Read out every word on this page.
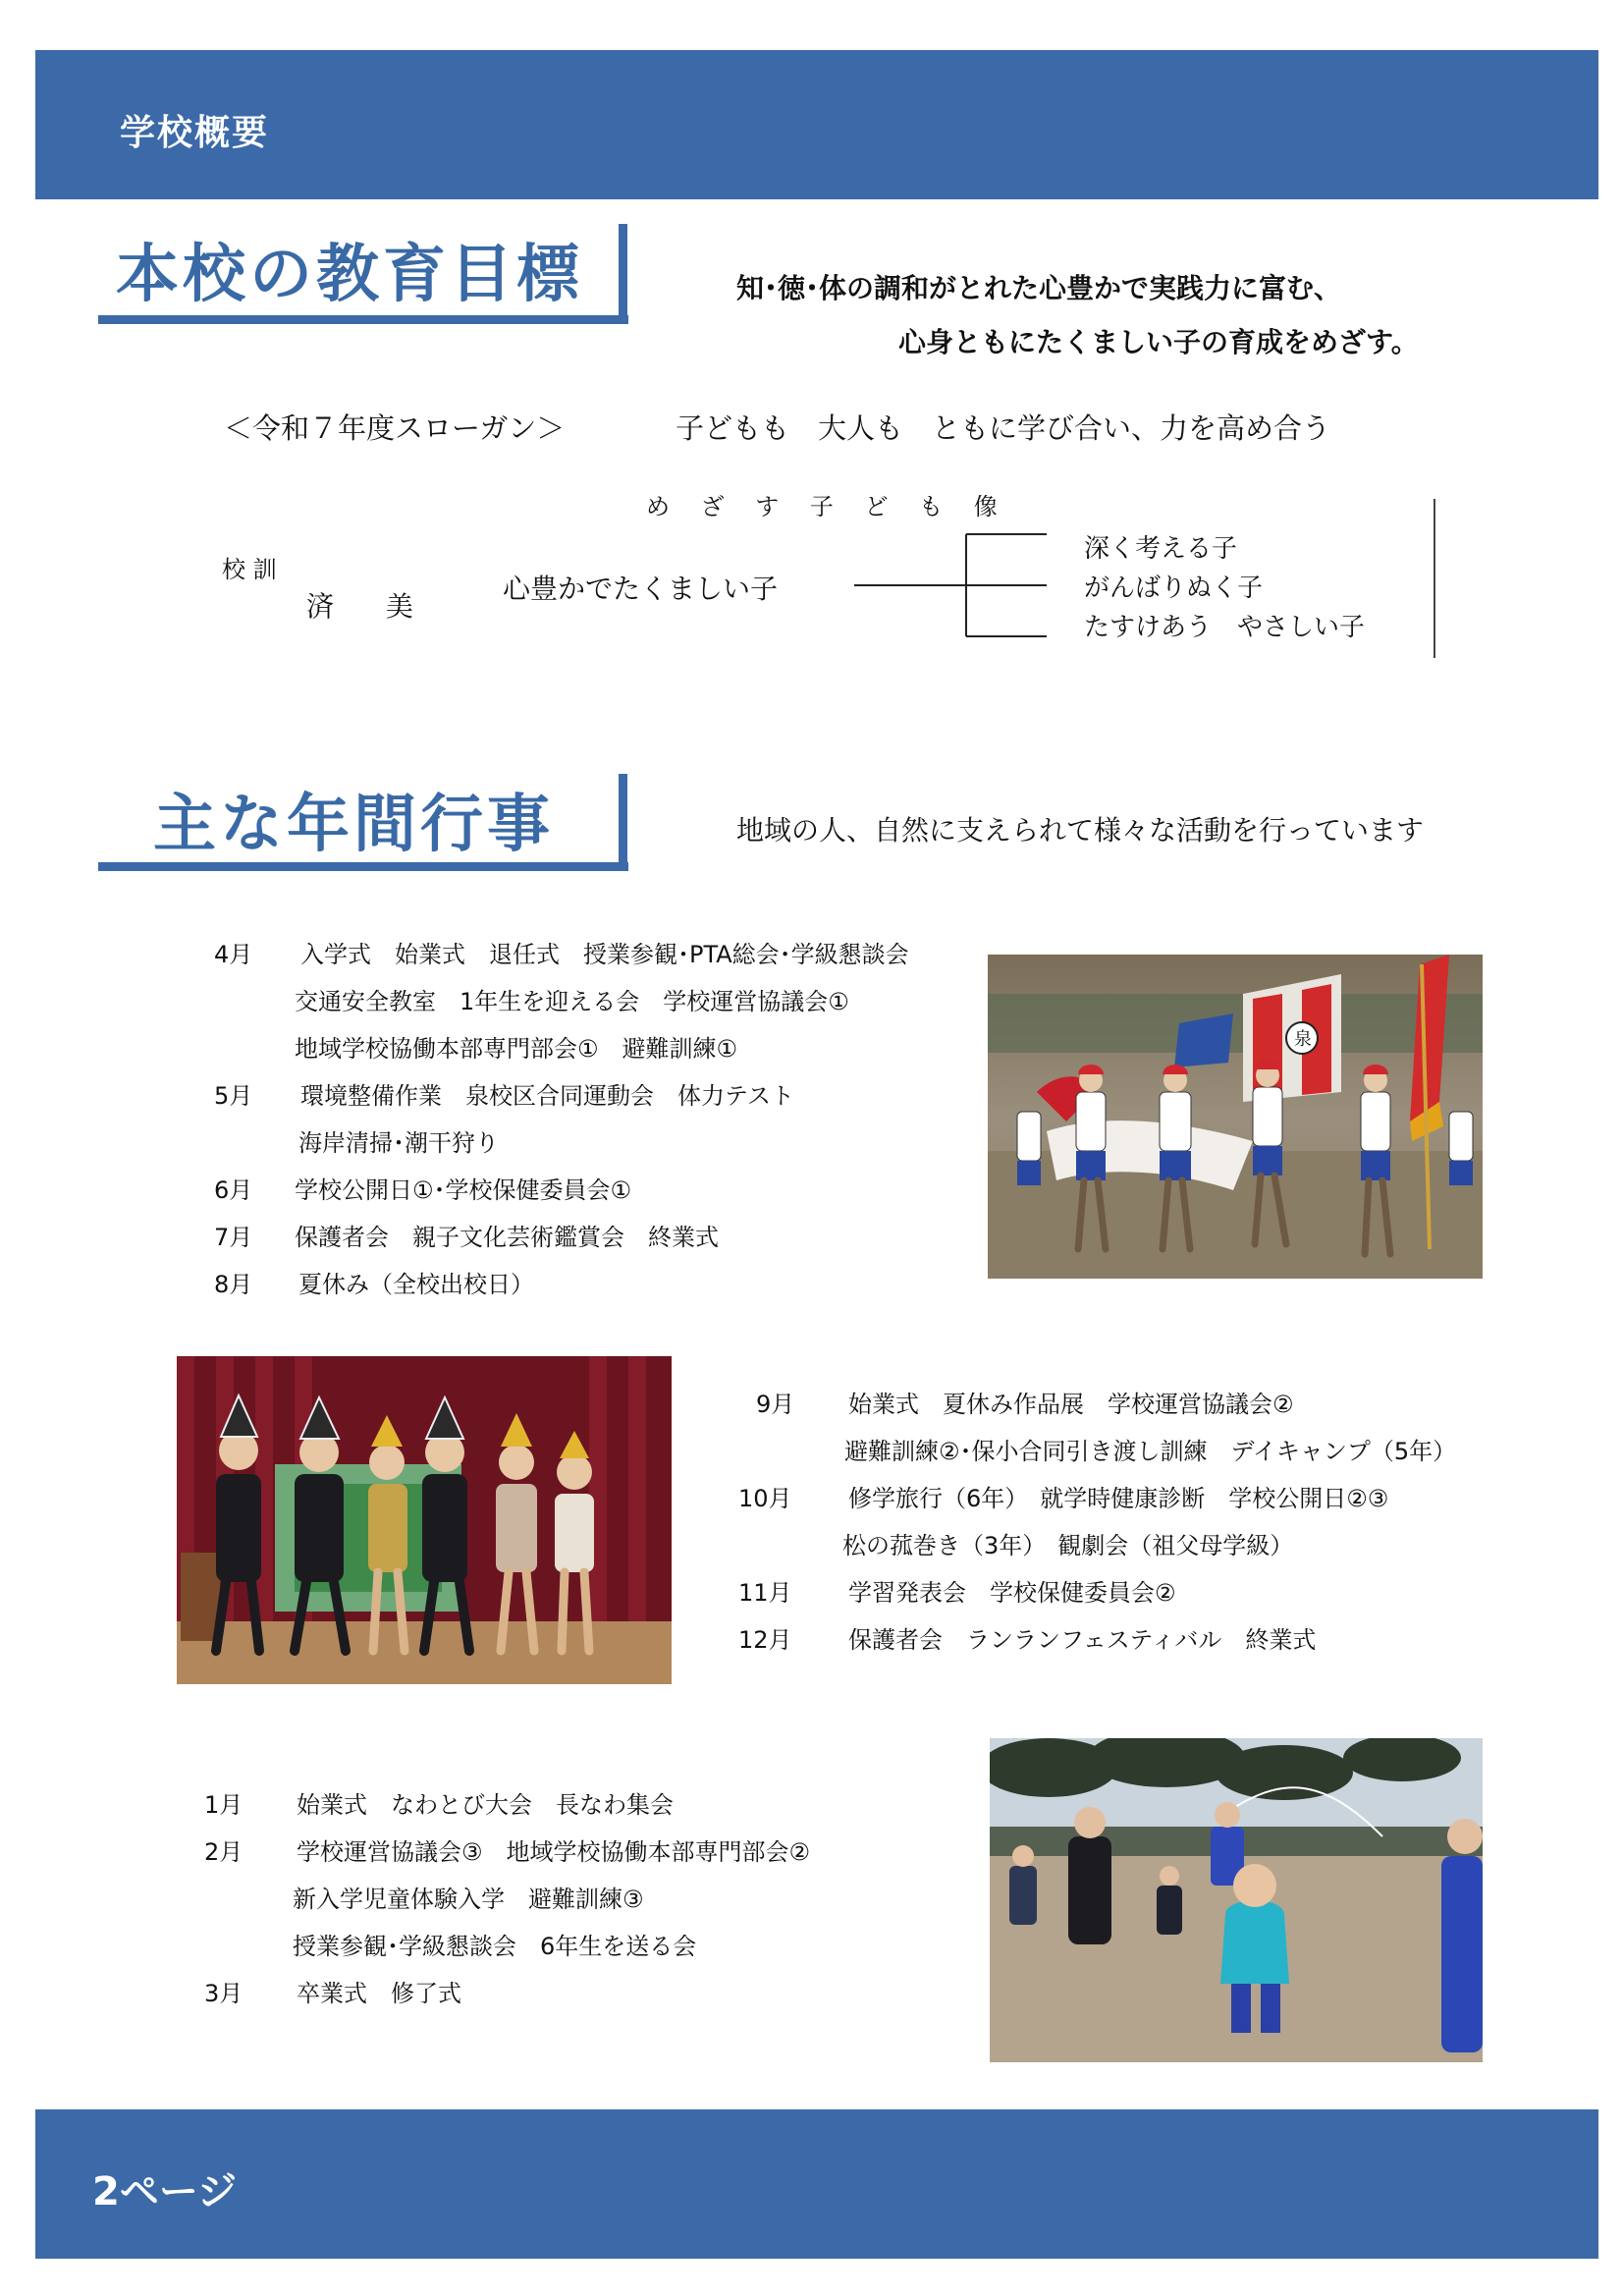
学校概要
本校の教育目標	知･徳･体の調和がとれた心豊かで実践力に富む、
心身ともにたくましい子の育成をめざす。
＜令和７年度スローガン＞	子どもも　大人も　ともに学び合い、力を高め合う
め ざ す 子 ど も 像
校 訓
済 美
心豊かでたくましい子
深く考える子
がんばりぬく子
たすけあう　やさしい子
主な年間行事	地域の人、自然に支えられて様々な活動を行っています
4月 入学式　始業式　退任式　授業参観･PTA総会･学級懇談会
交通安全教室　1年生を迎える会　学校運営協議会①
地域学校協働本部専門部会①　避難訓練①
5月 環境整備作業　泉校区合同運動会　体力テスト
海岸清掃･潮干狩り
6月 学校公開日①･学校保健委員会①
7月 保護者会　親子文化芸術鑑賞会　終業式
8月 夏休み（全校出校日）
泉
9月 始業式　夏休み作品展　学校運営協議会②
避難訓練②･保小合同引き渡し訓練　デイキャンプ（5年）
10月 修学旅行（6年）　就学時健康診断　学校公開日②③
松の菰巻き（3年）　観劇会（祖父母学級）
11月 学習発表会　学校保健委員会②
12月 保護者会　ランランフェスティバル　終業式
1月 始業式　なわとび大会　長なわ集会
2月 学校運営協議会③　地域学校協働本部専門部会②
新入学児童体験入学　避難訓練③
授業参観･学級懇談会　6年生を送る会
3月 卒業式　修了式
2ページ
